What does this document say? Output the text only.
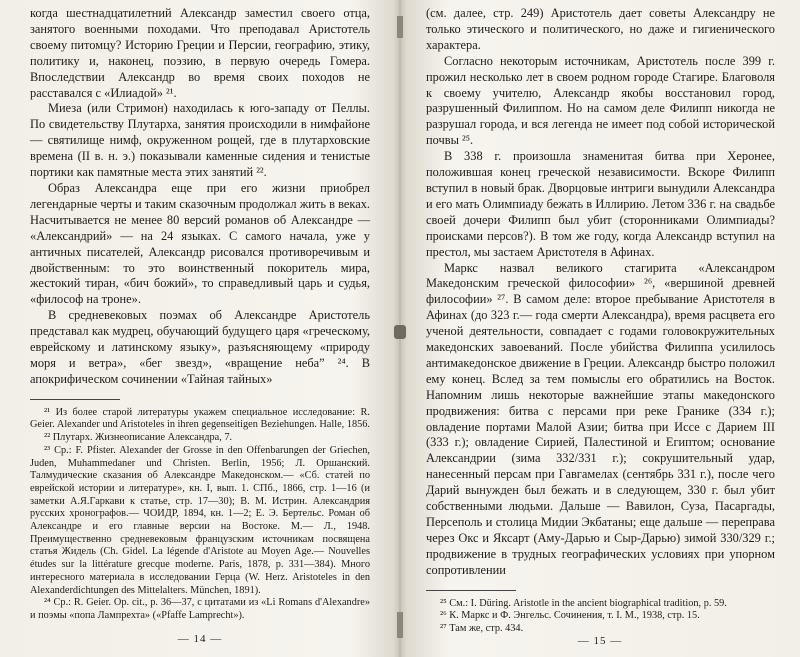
когда шестнадцатилетний Александр заместил своего отца, занятого военными походами. Что преподавал Аристотель своему питомцу? Историю Греции и Персии, географию, этику, политику и, наконец, поэзию, в первую очередь Гомера. Впоследствии Александр во время своих походов не расставался с «Илиадой» ²¹.

Миеза (или Стримон) находилась к юго-западу от Пеллы. По свидетельству Плутарха, занятия происходили в нимфайоне — святилище нимф, окруженном рощей, где в плутарховские времена (II в. н. э.) показывали каменные сидения и тенистые портики как памятные места этих занятий ²².

Образ Александра еще при его жизни приобрел легендарные черты и таким сказочным продолжал жить в веках. Насчитывается не менее 80 версий романов об Александре — «Александрий» — на 24 языках. С самого начала, уже у античных писателей, Александр рисовался противоречивым и двойственным: то это воинственный покоритель мира, жестокий тиран, «бич божий», то справедливый царь и судья, «философ на троне».

В средневековых поэмах об Александре Аристотель представал как мудрец, обучающий будущего царя «греческому, еврейскому и латинскому языку», разъясняющему «природу моря и ветра», «бег звезд», «вращение небаˮ ²⁴. В апокрифическом сочинении «Тайная тайных»

²¹ Из более старой литературы укажем специальное исследование: R. Geier. Alexander und Aristoteles in ihren gegenseitigen Beziehungen. Halle, 1856.

²² Плутарх. Жизнеописание Александра, 7.

²³ Ср.: F. Pfister. Alexander der Grosse in den Offenbarungen der Griechen, Juden, Muhammedaner und Christen. Berlin, 1956; Л. Оршанский. Талмудические сказания об Александре Македонском.— «Сб. статей по еврейской истории и литературе», кн. I, вып. 1. СПб., 1866, стр. 1—16 (и заметки А.Я.Гаркави к статье, стр. 17—30); В. М. Истрин. Александрия русских хронографов.— ЧОИДР, 1894, кн. 1—2; Е. Э. Бертельс. Роман об Александре и его главные версии на Востоке. М.— Л., 1948. Преимущественно средневековым французским источникам посвящена статья Жидель (Ch. Gidel. La légende d'Aristote au Moyen Age.— Nouvelles études sur la littérature grecque moderne. Paris, 1878, p. 331—384). Много интересного материала в исследовании Герца (W. Herz. Aristoteles in den Alexanderdichtungen des Mittelalters. München, 1891).

²⁴ Ср.: R. Geier. Op. cit., p. 36—37, с цитатами из «Li Romans d'Alexandre» и поэмы «попа Лампрехта» («Pfaffe Lamprecht»).

— 14 —

(см. далее, стр. 249) Аристотель дает советы Александру не только этического и политического, но даже и гигиенического характера.

Согласно некоторым источникам, Аристотель после 399 г. прожил несколько лет в своем родном городе Стагире. Благоволя к своему учителю, Александр якобы восстановил город, разрушенный Филиппом. Но на самом деле Филипп никогда не разрушал города, и вся легенда не имеет под собой исторической почвы ²⁵.

В 338 г. произошла знаменитая битва при Херонее, положившая конец греческой независимости. Вскоре Филипп вступил в новый брак. Дворцовые интриги вынудили Александра и его мать Олимпиаду бежать в Иллирию. Летом 336 г. на свадьбе своей дочери Филипп был убит (сторонниками Олимпиады? происками персов?). В том же году, когда Александр вступил на престол, мы застаем Аристотеля в Афинах.

Маркс назвал великого стагирита «Александром Македонским греческой философии» ²⁶, «вершиной древней философии» ²⁷. В самом деле: второе пребывание Аристотеля в Афинах (до 323 г.— года смерти Александра), время расцвета его ученой деятельности, совпадает с годами головокружительных македонских завоеваний. После убийства Филиппа усилилось антимакедонское движение в Греции. Александр быстро положил ему конец. Вслед за тем помыслы его обратились на Восток. Напомним лишь некоторые важнейшие этапы македонского продвижения: битва с персами при реке Гранике (334 г.); овладение портами Малой Азии; битва при Иссе с Дарием III (333 г.); овладение Сирией, Палестиной и Египтом; основание Александрии (зима 332/331 г.); сокрушительный удар, нанесенный персам при Гавгамелах (сентябрь 331 г.), после чего Дарий вынужден был бежать и в следующем, 330 г. был убит собственными людьми. Дальше — Вавилон, Суза, Пасаргады, Персеполь и столица Мидии Экбатаны; еще дальше — переправа через Окс и Яксарт (Аму-Дарью и Сыр-Дарью) зимой 330/329 г.; продвижение в трудных географических условиях при упорном сопротивлении

²⁵ См.: I. Düring. Aristotle in the ancient biographical tradition, p. 59.

²⁶ К. Маркс и Ф. Энгельс. Сочинения, т. I. М., 1938, стр. 15.

²⁷ Там же, стр. 434.

— 15 —
